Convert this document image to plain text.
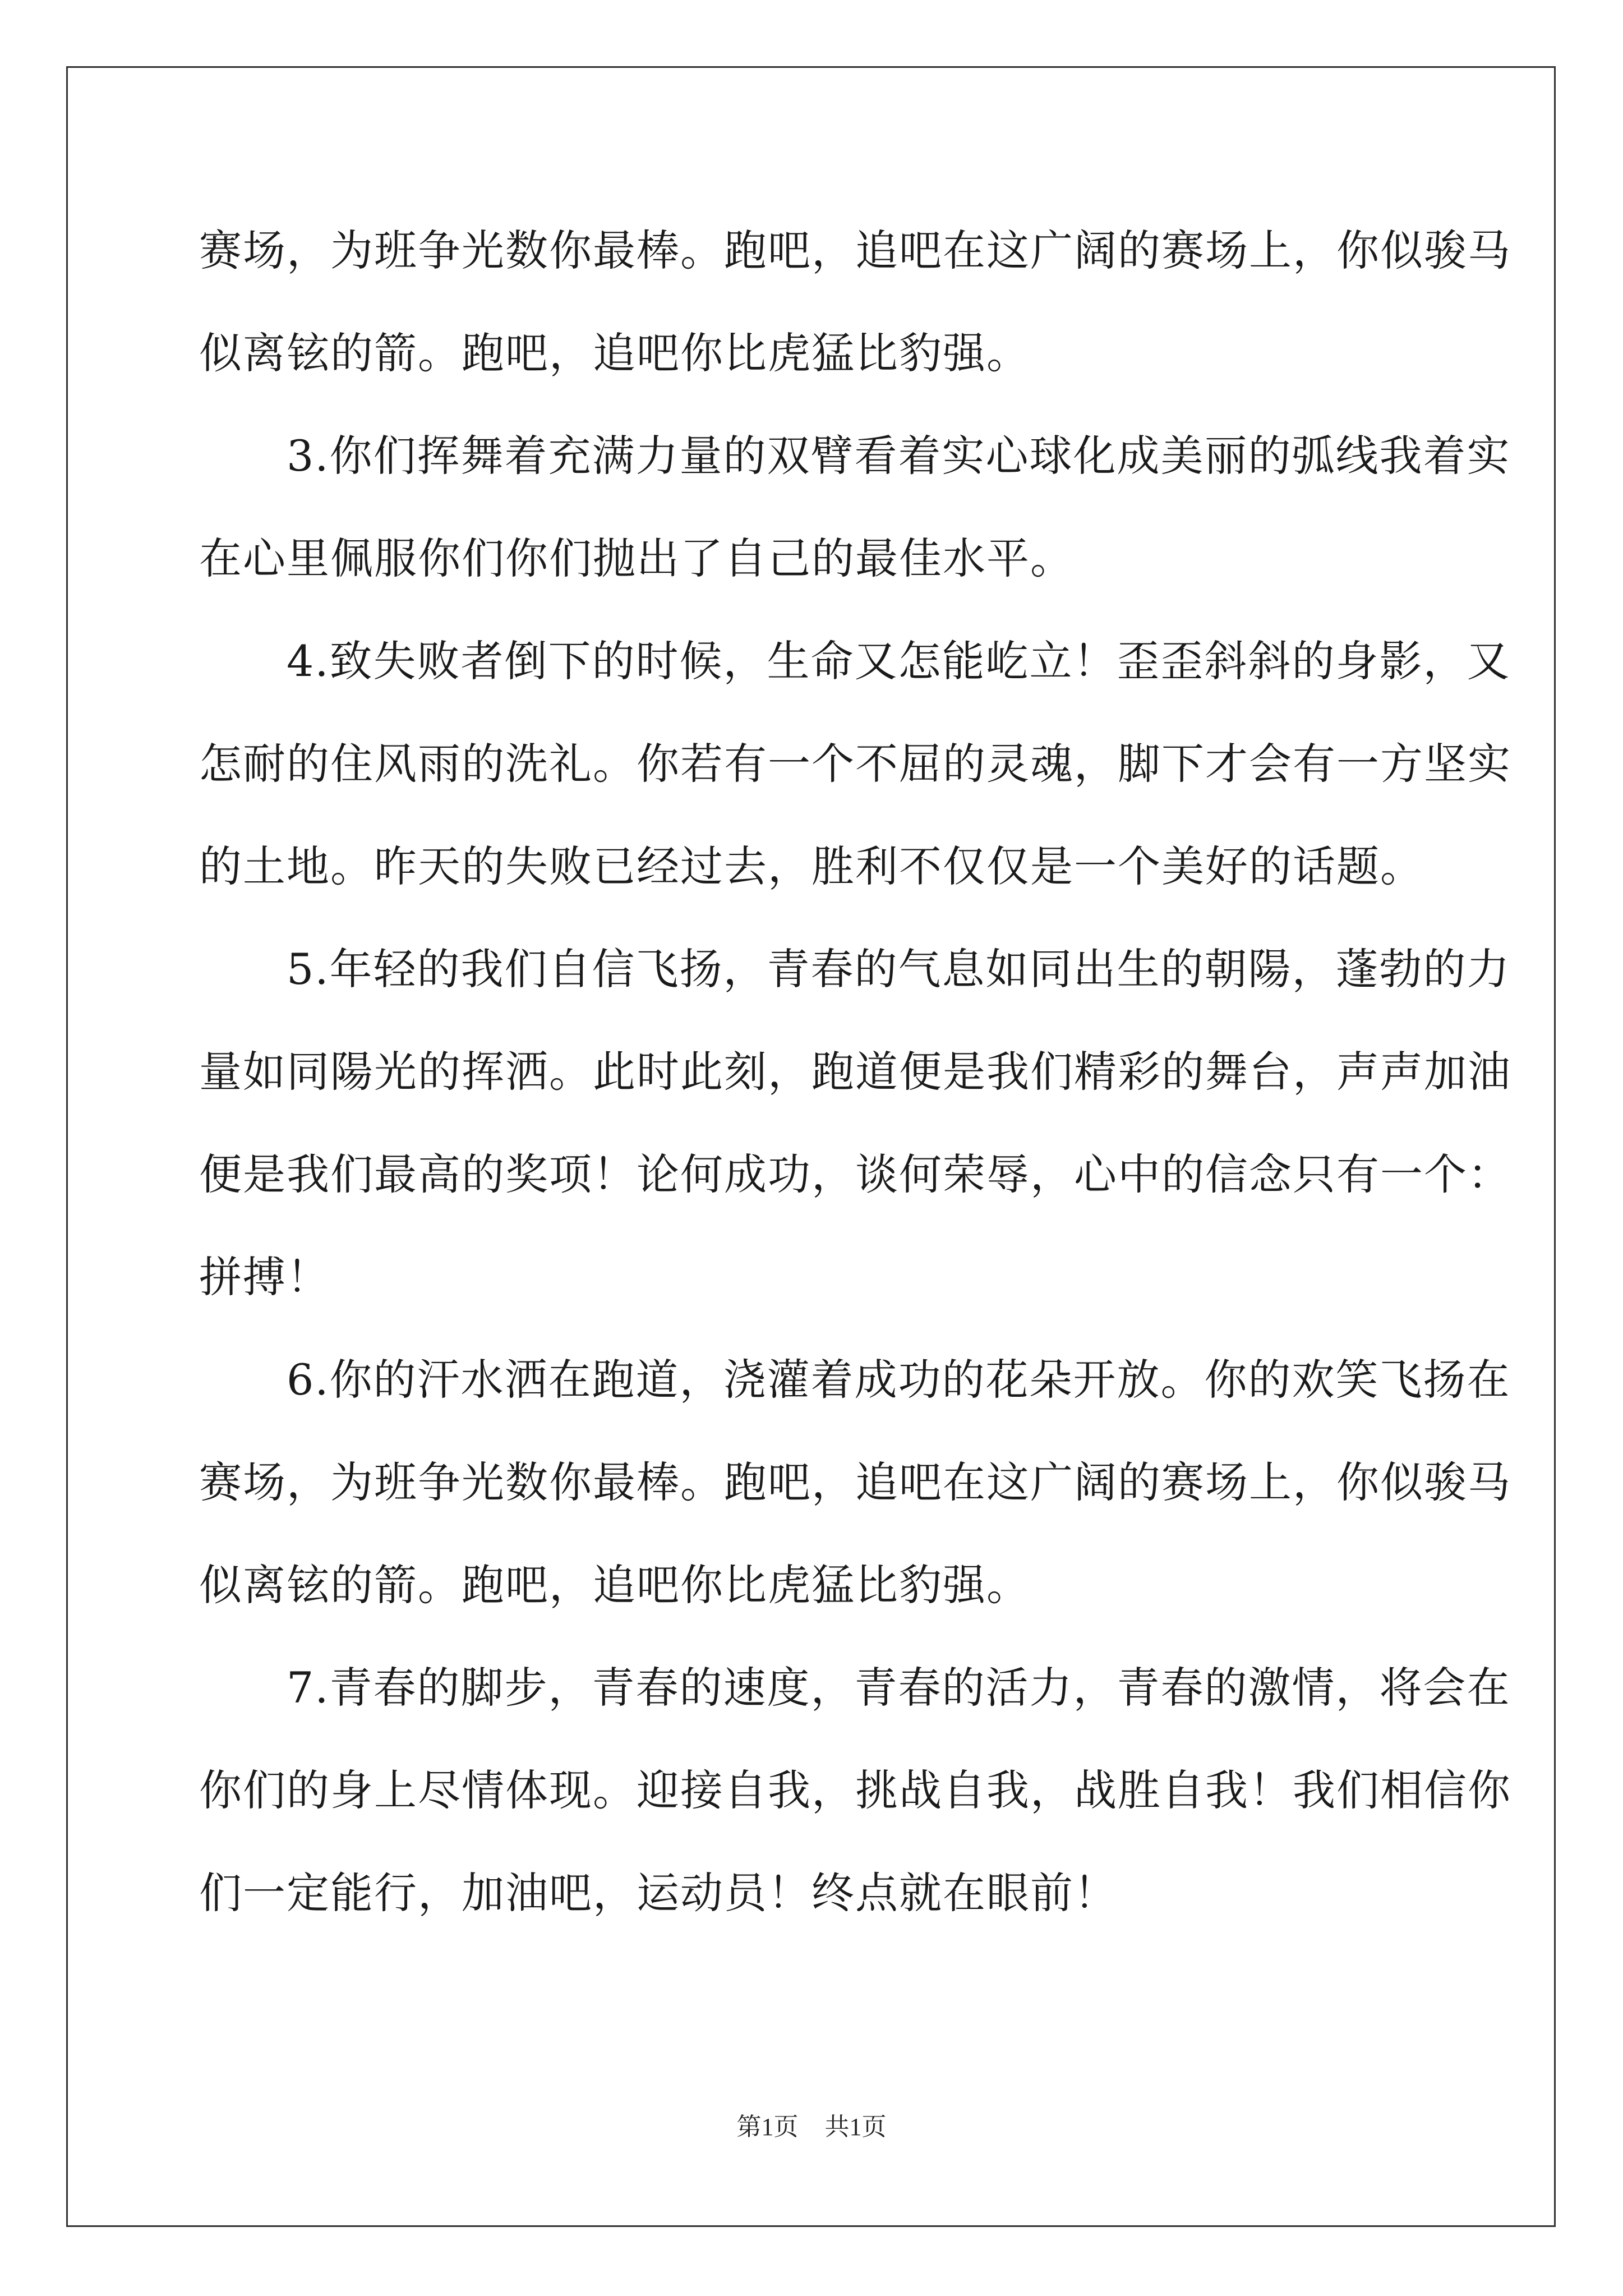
赛场，为班争光数你最棒。跑吧，追吧在这广阔的赛场上，你似骏马
似离铉的箭。跑吧，追吧你比虎猛比豹强。
　　3.你们挥舞着充满力量的双臂看着实心球化成美丽的弧线我着实
在心里佩服你们你们抛出了自己的最佳水平。
　　4.致失败者倒下的时候，生命又怎能屹立！歪歪斜斜的身影，又
怎耐的住风雨的洗礼。你若有一个不屈的灵魂，脚下才会有一方坚实
的土地。昨天的失败已经过去，胜利不仅仅是一个美好的话题。
　　5.年轻的我们自信飞扬，青春的气息如同出生的朝陽，蓬勃的力
量如同陽光的挥洒。此时此刻，跑道便是我们精彩的舞台，声声加油
便是我们最高的奖项！论何成功，谈何荣辱，心中的信念只有一个：
拼搏！
　　6.你的汗水洒在跑道，浇灌着成功的花朵开放。你的欢笑飞扬在
赛场，为班争光数你最棒。跑吧，追吧在这广阔的赛场上，你似骏马
似离铉的箭。跑吧，追吧你比虎猛比豹强。
　　7.青春的脚步，青春的速度，青春的活力，青春的激情，将会在
你们的身上尽情体现。迎接自我，挑战自我，战胜自我！我们相信你
们一定能行，加油吧，运动员！终点就在眼前！
第1页 共1页
